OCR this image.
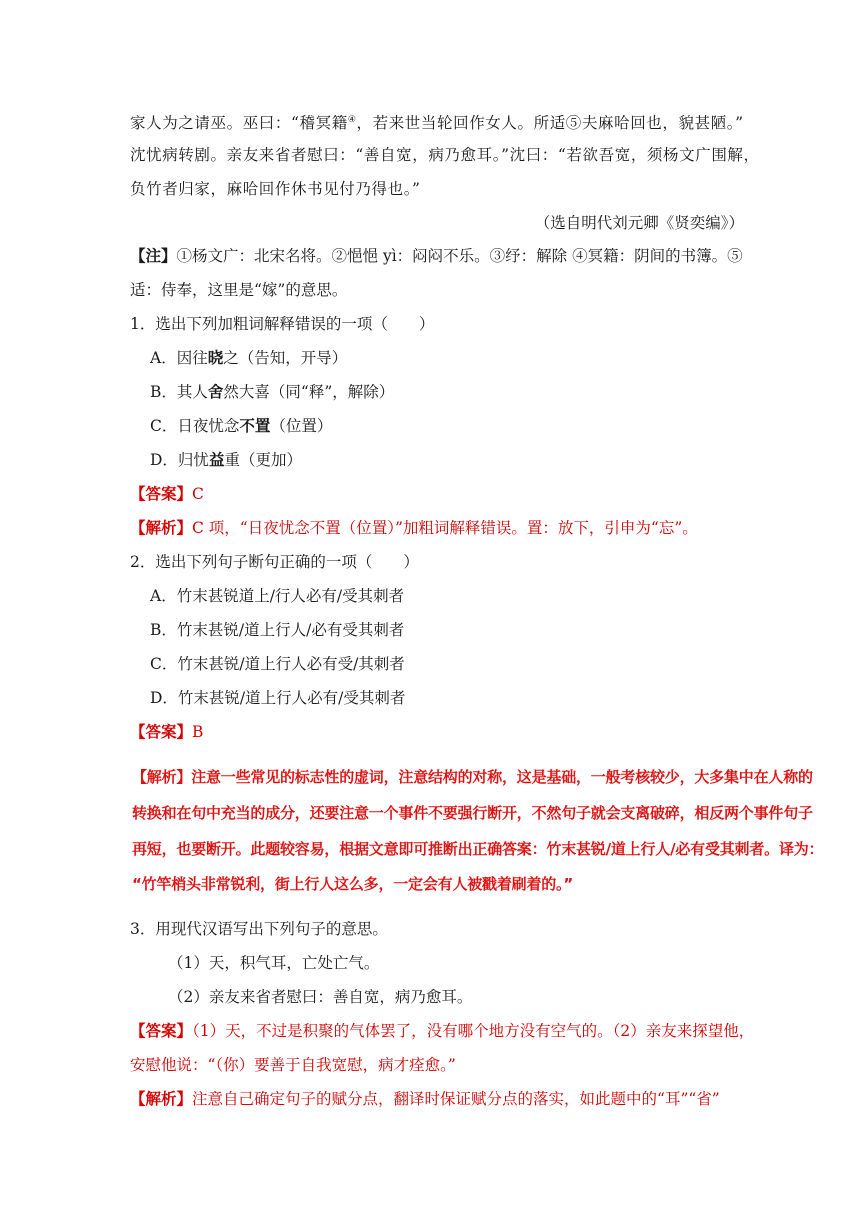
家人为之请巫。巫曰：“稽冥籍④，若来世当轮回作女人。所适⑤夫麻哈回也，貌甚陋。”
沈忧病转剧。亲友来省者慰曰：“善自宽，病乃愈耳。”沈曰：“若欲吾宽，须杨文广围解，
负竹者归家，麻哈回作休书见付乃得也。”
（选自明代刘元卿《贤奕编》）
【注】①杨文广：北宋名将。②悒悒 yì：闷闷不乐。③纾：解除 ④冥籍：阴间的书簿。⑤
适：侍奉，这里是“嫁”的意思。
1．选出下列加粗词解释错误的一项（　　）
A．因往晓之（告知，开导）
B．其人舍然大喜（同“释”，解除）
C．日夜忧念不置（位置）
D．归忧益重（更加）
【答案】C
【解析】C 项，“日夜忧念不置（位置）”加粗词解释错误。置：放下，引申为“忘”。
2．选出下列句子断句正确的一项（　　）
A．竹末甚锐道上/行人必有/受其刺者
B．竹末甚锐/道上行人/必有受其刺者
C．竹末甚锐/道上行人必有受/其刺者
D．竹末甚锐/道上行人必有/受其刺者
【答案】B
【解析】注意一些常见的标志性的虚词，注意结构的对称，这是基础，一般考核较少，大多集中在人称的
转换和在句中充当的成分，还要注意一个事件不要强行断开，不然句子就会支离破碎，相反两个事件句子
再短，也要断开。此题较容易，根据文意即可推断出正确答案：竹末甚锐/道上行人/必有受其刺者。译为：
“竹竿梢头非常锐利，街上行人这么多，一定会有人被戳着刷着的。”
3．用现代汉语写出下列句子的意思。
（1）天，积气耳，亡处亡气。
（2）亲友来省者慰曰：善自宽，病乃愈耳。
【答案】（1）天，不过是积聚的气体罢了，没有哪个地方没有空气的。（2）亲友来探望他，
安慰他说：“（你）要善于自我宽慰，病才痊愈。”
【解析】注意自己确定句子的赋分点，翻译时保证赋分点的落实，如此题中的“耳”“省”
